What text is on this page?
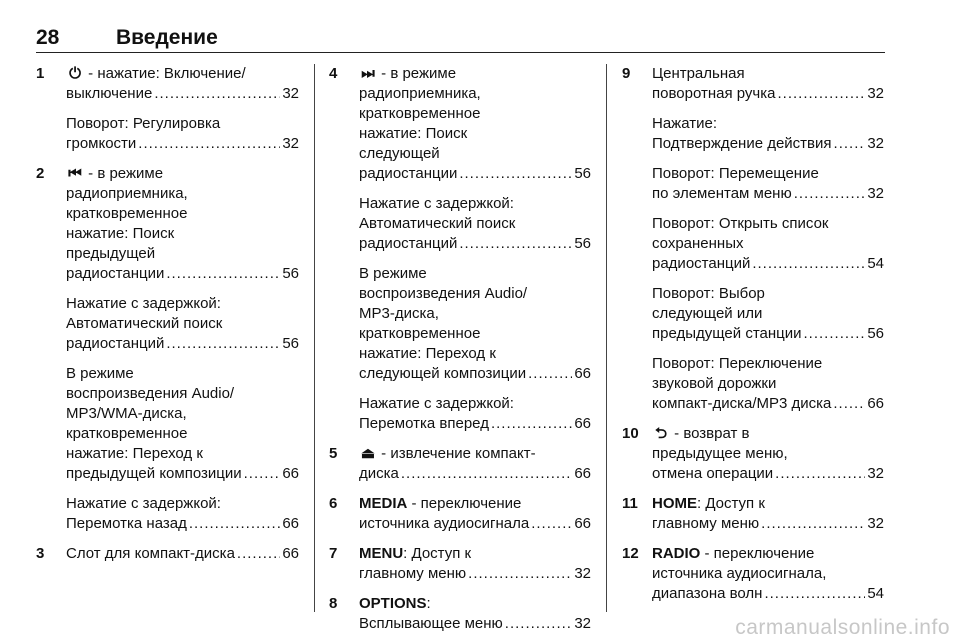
28	Введение
1 ⏻ - нажатие: Включение/
выключение .....	32
Поворот: Регулировка
громкости .....	32
2 ⏮ - в режиме
радиоприемника,
кратковременное
нажатие: Поиск
предыдущей
радиостанции .....	56
Нажатие с задержкой:
Автоматический поиск
радиостанций .....	56
В режиме
воспроизведения Audio/
MP3/WMA-диска,
кратковременное
нажатие: Переход к
предыдущей композиции .....	66
Нажатие с задержкой:
Перемотка назад .....	66
3 Слот для компакт-диска .....	66
4 ⏭ - в режиме
радиоприемника,
кратковременное
нажатие: Поиск
следующей
радиостанции .....	56
Нажатие с задержкой:
Автоматический поиск
радиостанций .....	56
В режиме
воспроизведения Audio/
MP3-диска,
кратковременное
нажатие: Переход к
следующей композиции .....	66
Нажатие с задержкой:
Перемотка вперед .....	66
5 ⏏ - извлечение компакт-
диска .....	66
6 MEDIA - переключение
источника аудиосигнала .....	66
7 MENU: Доступ к
главному меню .....	32
8 OPTIONS:
Всплывающее меню .....	32
9 Центральная
поворотная ручка .....	32
Нажатие:
Подтверждение действия ..... 32
Поворот: Перемещение
по элементам меню .....	32
Поворот: Открыть список
сохраненных
радиостанций .....	54
Поворот: Выбор
следующей или
предыдущей станции .....	56
Поворот: Переключение
звуковой дорожки
компакт-диска/MP3 диска ..... 66
10 ⮌ - возврат в
предыдущее меню,
отмена операции .....	32
11 HOME: Доступ к
главному меню .....	32
12 RADIO - переключение
источника аудиосигнала,
диапазона волн .....	54
carmanualsonline.info
